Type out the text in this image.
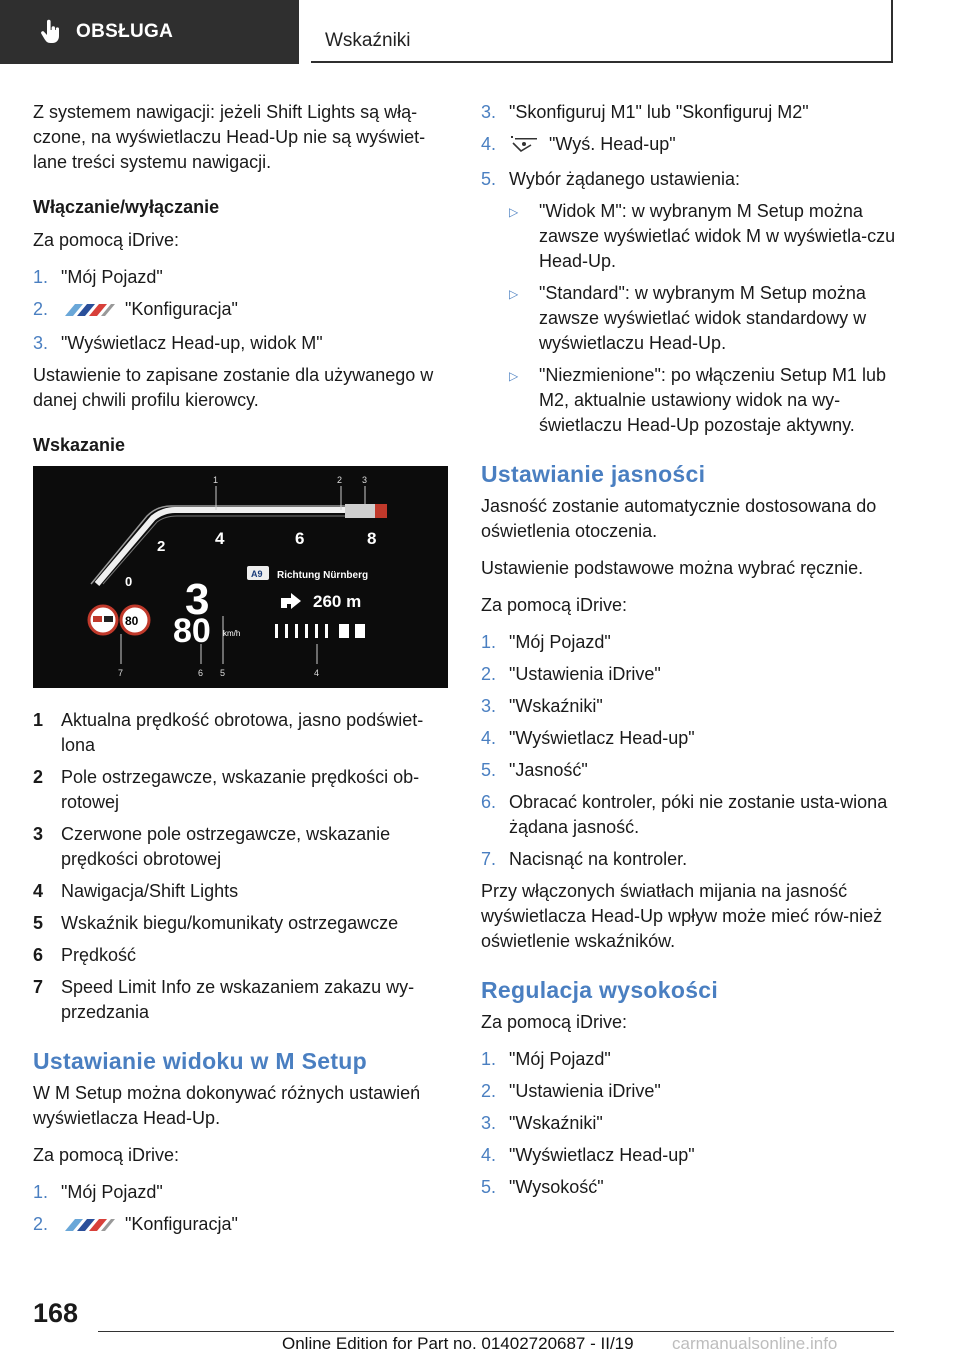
OBSŁUGA	Wskaźniki

Z systemem nawigacji: jeżeli Shift Lights są włą-czone, na wyświetlaczu Head-Up nie są wyświet-lane treści systemu nawigacji.

Włączanie/wyłączanie

Za pomocą iDrive:

1. "Mój Pojazd"
2.	"Konfiguracja"
3. "Wyświetlacz Head-up, widok M"

Ustawienie to zapisane zostanie dla używanego w danej chwili profilu kierowcy.

Wskazanie
0
2	4	6	8
1	2 3
3
80 km/h
80
A9 Richtung Nürnberg
260 m
7	6 5	4
1 Aktualna prędkość obrotowa, jasno podświet-lona
2 Pole ostrzegawcze, wskazanie prędkości ob-rotowej
3 Czerwone pole ostrzegawcze, wskazanie prędkości obrotowej
4 Nawigacja/Shift Lights
5 Wskaźnik biegu/komunikaty ostrzegawcze
6 Prędkość
7 Speed Limit Info ze wskazaniem zakazu wy-przedzania
Ustawianie widoku w M Setup

W M Setup można dokonywać różnych ustawień wyświetlacza Head-Up.

Za pomocą iDrive:

1. "Mój Pojazd"
2.	"Konfiguracja"
3. "Skonfiguruj M1" lub "Skonfiguruj M2"
4.	"Wyś. Head-up"
5. Wybór żądanego ustawienia:
▷	"Widok M": w wybranym M Setup można zawsze wyświetlać widok M w wyświetla-czu Head-Up.
▷	"Standard": w wybranym M Setup można zawsze wyświetlać widok standardowy w wyświetlaczu Head-Up.
▷	"Niezmienione": po włączeniu Setup M1 lub M2, aktualnie ustawiony widok na wy-świetlaczu Head-Up pozostaje aktywny.
Ustawianie jasności

Jasność zostanie automatycznie dostosowana do oświetlenia otoczenia.

Ustawienie podstawowe można wybrać ręcznie.

Za pomocą iDrive:

1. "Mój Pojazd"
2. "Ustawienia iDrive"
3. "Wskaźniki"
4. "Wyświetlacz Head-up"
5. "Jasność"
6. Obracać kontroler, póki nie zostanie usta-wiona żądana jasność.
7. Nacisnąć na kontroler.

Przy włączonych światłach mijania na jasność wyświetlacza Head-Up wpływ może mieć rów-nież oświetlenie wskaźników.

Regulacja wysokości

Za pomocą iDrive:

1. "Mój Pojazd"
2. "Ustawienia iDrive"
3. "Wskaźniki"
4. "Wyświetlacz Head-up"
5. "Wysokość"
168
Online Edition for Part no. 01402720687 - II/19 carmanualsonline.info
